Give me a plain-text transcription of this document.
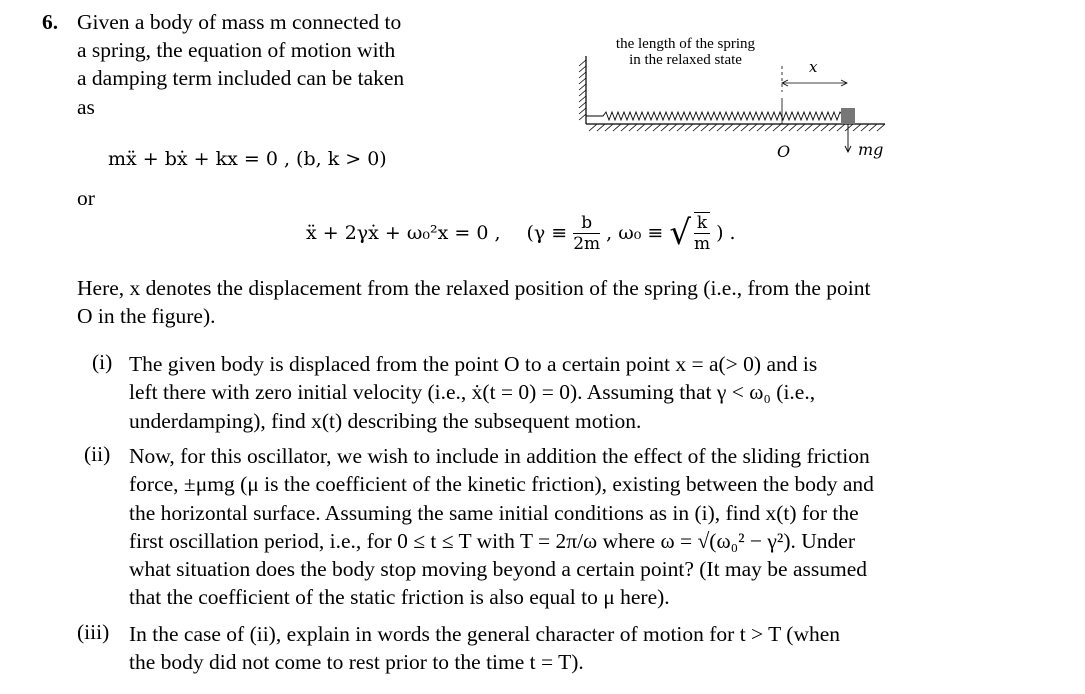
6. Given a body of mass m connected to
a spring, the equation of motion with
a damping term included can be taken
as
mẍ + bẋ + kx = 0 , (b, k > 0)
or
ẍ + 2γẋ + ω₀²x = 0 , ($\gamma \equiv \frac{b}{2m}$ , ω₀ ≡ √ $\frac{k}{m}$ ) .
Here, x denotes the displacement from the relaxed position of the spring (i.e., from the point
O in the figure).
the length of the spring
in the relaxed state	x
O	mg
(i) The given body is displaced from the point O to a certain point x = a(> 0) and is
left there with zero initial velocity (i.e., ẋ(t = 0) = 0). Assuming that γ < ω₀ (i.e.,
underdamping), find x(t) describing the subsequent motion.
(ii) Now, for this oscillator, we wish to include in addition the effect of the sliding friction
force, ±μmg (μ is the coefficient of the kinetic friction), existing between the body and
the horizontal surface. Assuming the same initial conditions as in (i), find x(t) for the
first oscillation period, i.e., for 0 ≤ t ≤ T with T = 2π/ω where ω = √(ω₀² − γ²). Under
what situation does the body stop moving beyond a certain point? (It may be assumed
that the coefficient of the static friction is also equal to μ here).
(iii) In the case of (ii), explain in words the general character of motion for t > T (when
the body did not come to rest prior to the time t = T).
